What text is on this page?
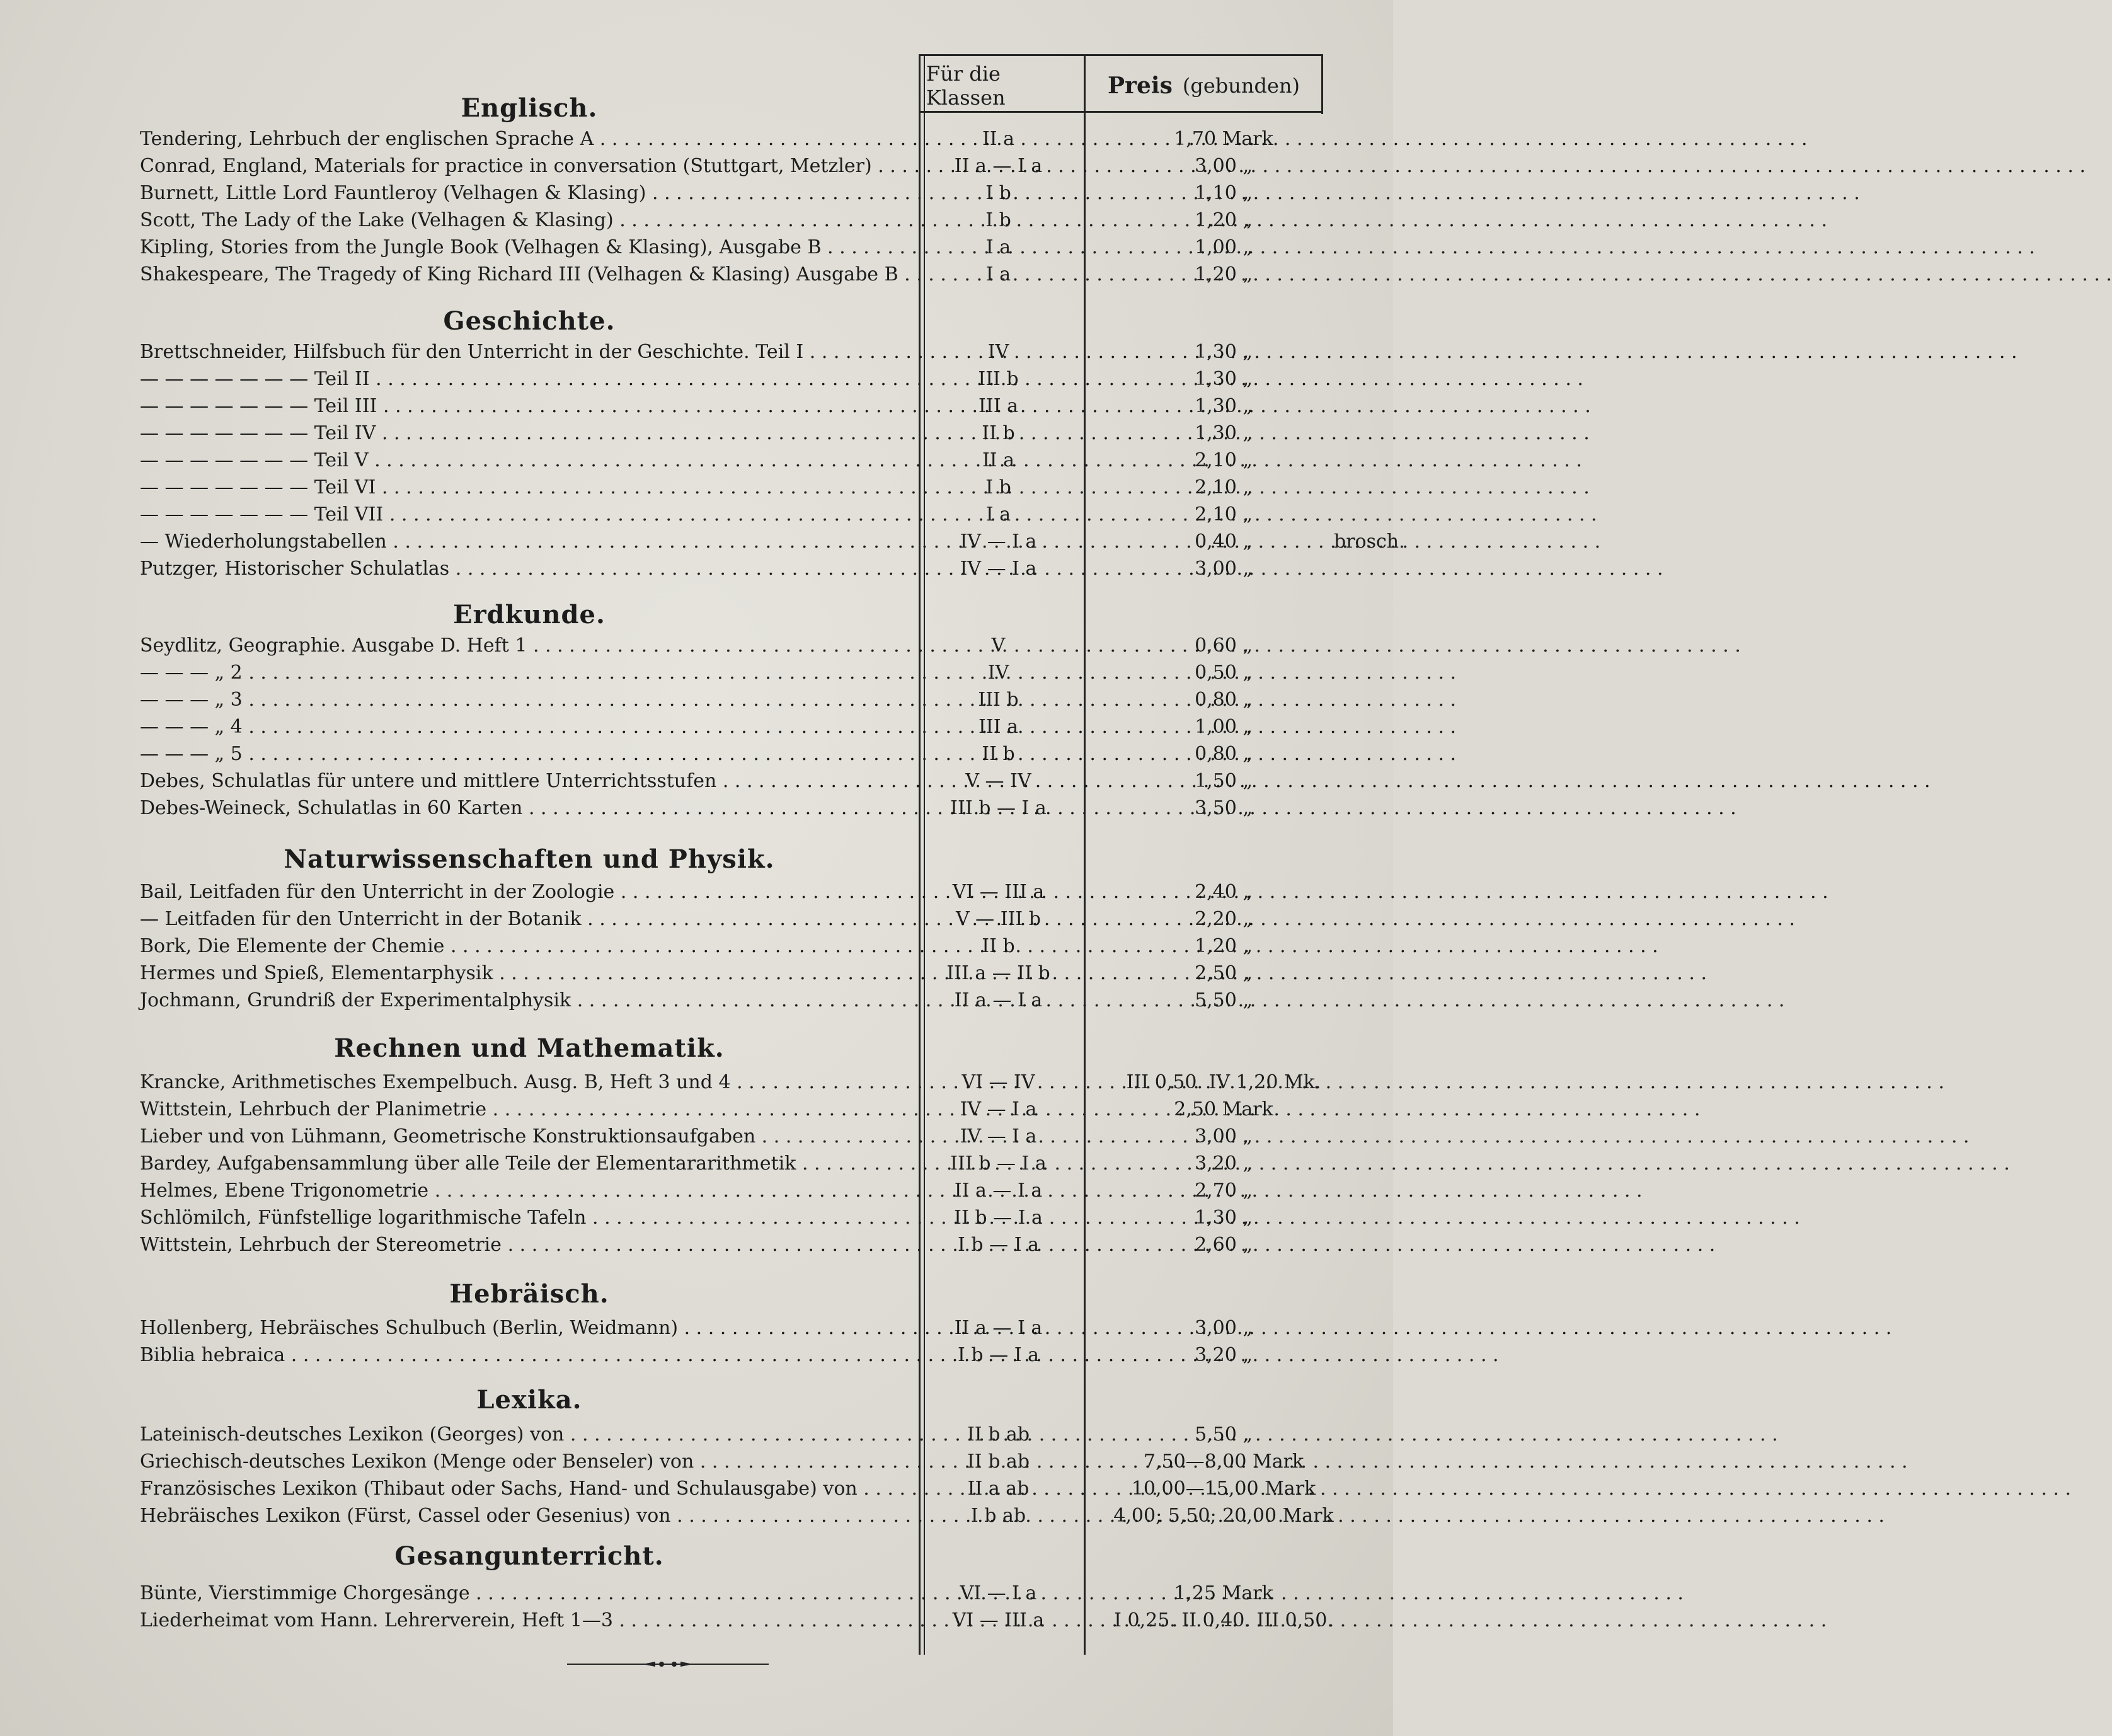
Für die Klassen	Preis (gebunden)
Englisch.
Tendering, Lehrbuch der englischen Sprache A . . .	II a	1,70 Mark
Conrad, England, Materials for practice in conversation (Stuttgart, Metzler) . . .	II a — I a	3,00 „
Burnett, Little Lord Fauntleroy (Velhagen & Klasing) . . .	I b	1,10 „
Scott, The Lady of the Lake (Velhagen & Klasing) . . .	I b	1,20 „
Kipling, Stories from the Jungle Book (Velhagen & Klasing), Ausgabe B . . .	I a	1,00 „
Shakespeare, The Tragedy of King Richard III (Velhagen & Klasing) Ausgabe B . . .	I a	1,20 „
Geschichte.
Brettschneider, Hilfsbuch für den Unterricht in der Geschichte. Teil I . . .	IV	1,30 „
— — — — — — — Teil II . . .	III b	1,30 „
— — — — — — — Teil III . . .	III a	1,30 „
— — — — — — — Teil IV . . .	II b	1,30 „
— — — — — — — Teil V . . .	II a	2,10 „
— — — — — — — Teil VI . . .	I b	2,10 „
— — — — — — — Teil VII . . .	I a	2,10 „
— Wiederholungstabellen . . .	IV — I a	0,40 „	brosch.
Putzger, Historischer Schulatlas . . .	IV — I a	3,00 „
Erdkunde.
Seydlitz, Geographie. Ausgabe D. Heft 1 . . .	V	0,60 „
— — — „ 2 . . .	IV	0,50 „
— — — „ 3 . . .	III b	0,80 „
— — — „ 4 . . .	III a	1,00 „
— — — „ 5 . . .	II b	0,80 „
Debes, Schulatlas für untere und mittlere Unterrichtsstufen . . .	V — IV	1,50 „
Debes-Weineck, Schulatlas in 60 Karten . . .	III b — I a	3,50 „
Naturwissenschaften und Physik.
Bail, Leitfaden für den Unterricht in der Zoologie . . .	VI — III a	2,40 „
— Leitfaden für den Unterricht in der Botanik . . .	V — III b	2,20 „
Bork, Die Elemente der Chemie . . .	II b	1,20 „
Hermes und Spieß, Elementarphysik . . .	III a — II b	2,50 „
Jochmann, Grundriß der Experimentalphysik . . .	II a — I a	5,50 „
Rechnen und Mathematik.
Krancke, Arithmetisches Exempelbuch. Ausg. B, Heft 3 und 4 . . .	VI — IV	III 0,50. IV 1,20 Mk.
Wittstein, Lehrbuch der Planimetrie . . .	IV — I a	2,50 Mark
Lieber und von Lühmann, Geometrische Konstruktionsaufgaben . . .	IV — I a	3,00 „
Bardey, Aufgabensammlung über alle Teile der Elementararithmetik . . .	III b — I a	3,20 „
Helmes, Ebene Trigonometrie . . .	II a — I a	2,70 „
Schlömilch, Fünfstellige logarithmische Tafeln . . .	II b — I a	1,30 „
Wittstein, Lehrbuch der Stereometrie . . .	I b — I a	2,60 „
Hebräisch.
Hollenberg, Hebräisches Schulbuch (Berlin, Weidmann) . . .	II a — I a	3,00 „
Biblia hebraica . . .	I b — I a	3,20 „
Lexika.
Lateinisch-deutsches Lexikon (Georges) von . . .	II b ab	5,50 „
Griechisch-deutsches Lexikon (Menge oder Benseler) von . . .	II b ab	7,50—8,00 Mark
Französisches Lexikon (Thibaut oder Sachs, Hand- und Schulausgabe) von . . .	II a ab	10,00—15,00 Mark
Hebräisches Lexikon (Fürst, Cassel oder Gesenius) von . . .	I b ab	4,00; 5,50; 20,00 Mark
Gesangunterricht.
Bünte, Vierstimmige Chorgesänge . . .	VI — I a	1,25 Mark
Liederheimat vom Hann. Lehrerverein, Heft 1—3 . . .	VI — III a	I 0,25. II 0,40. III 0,50.
